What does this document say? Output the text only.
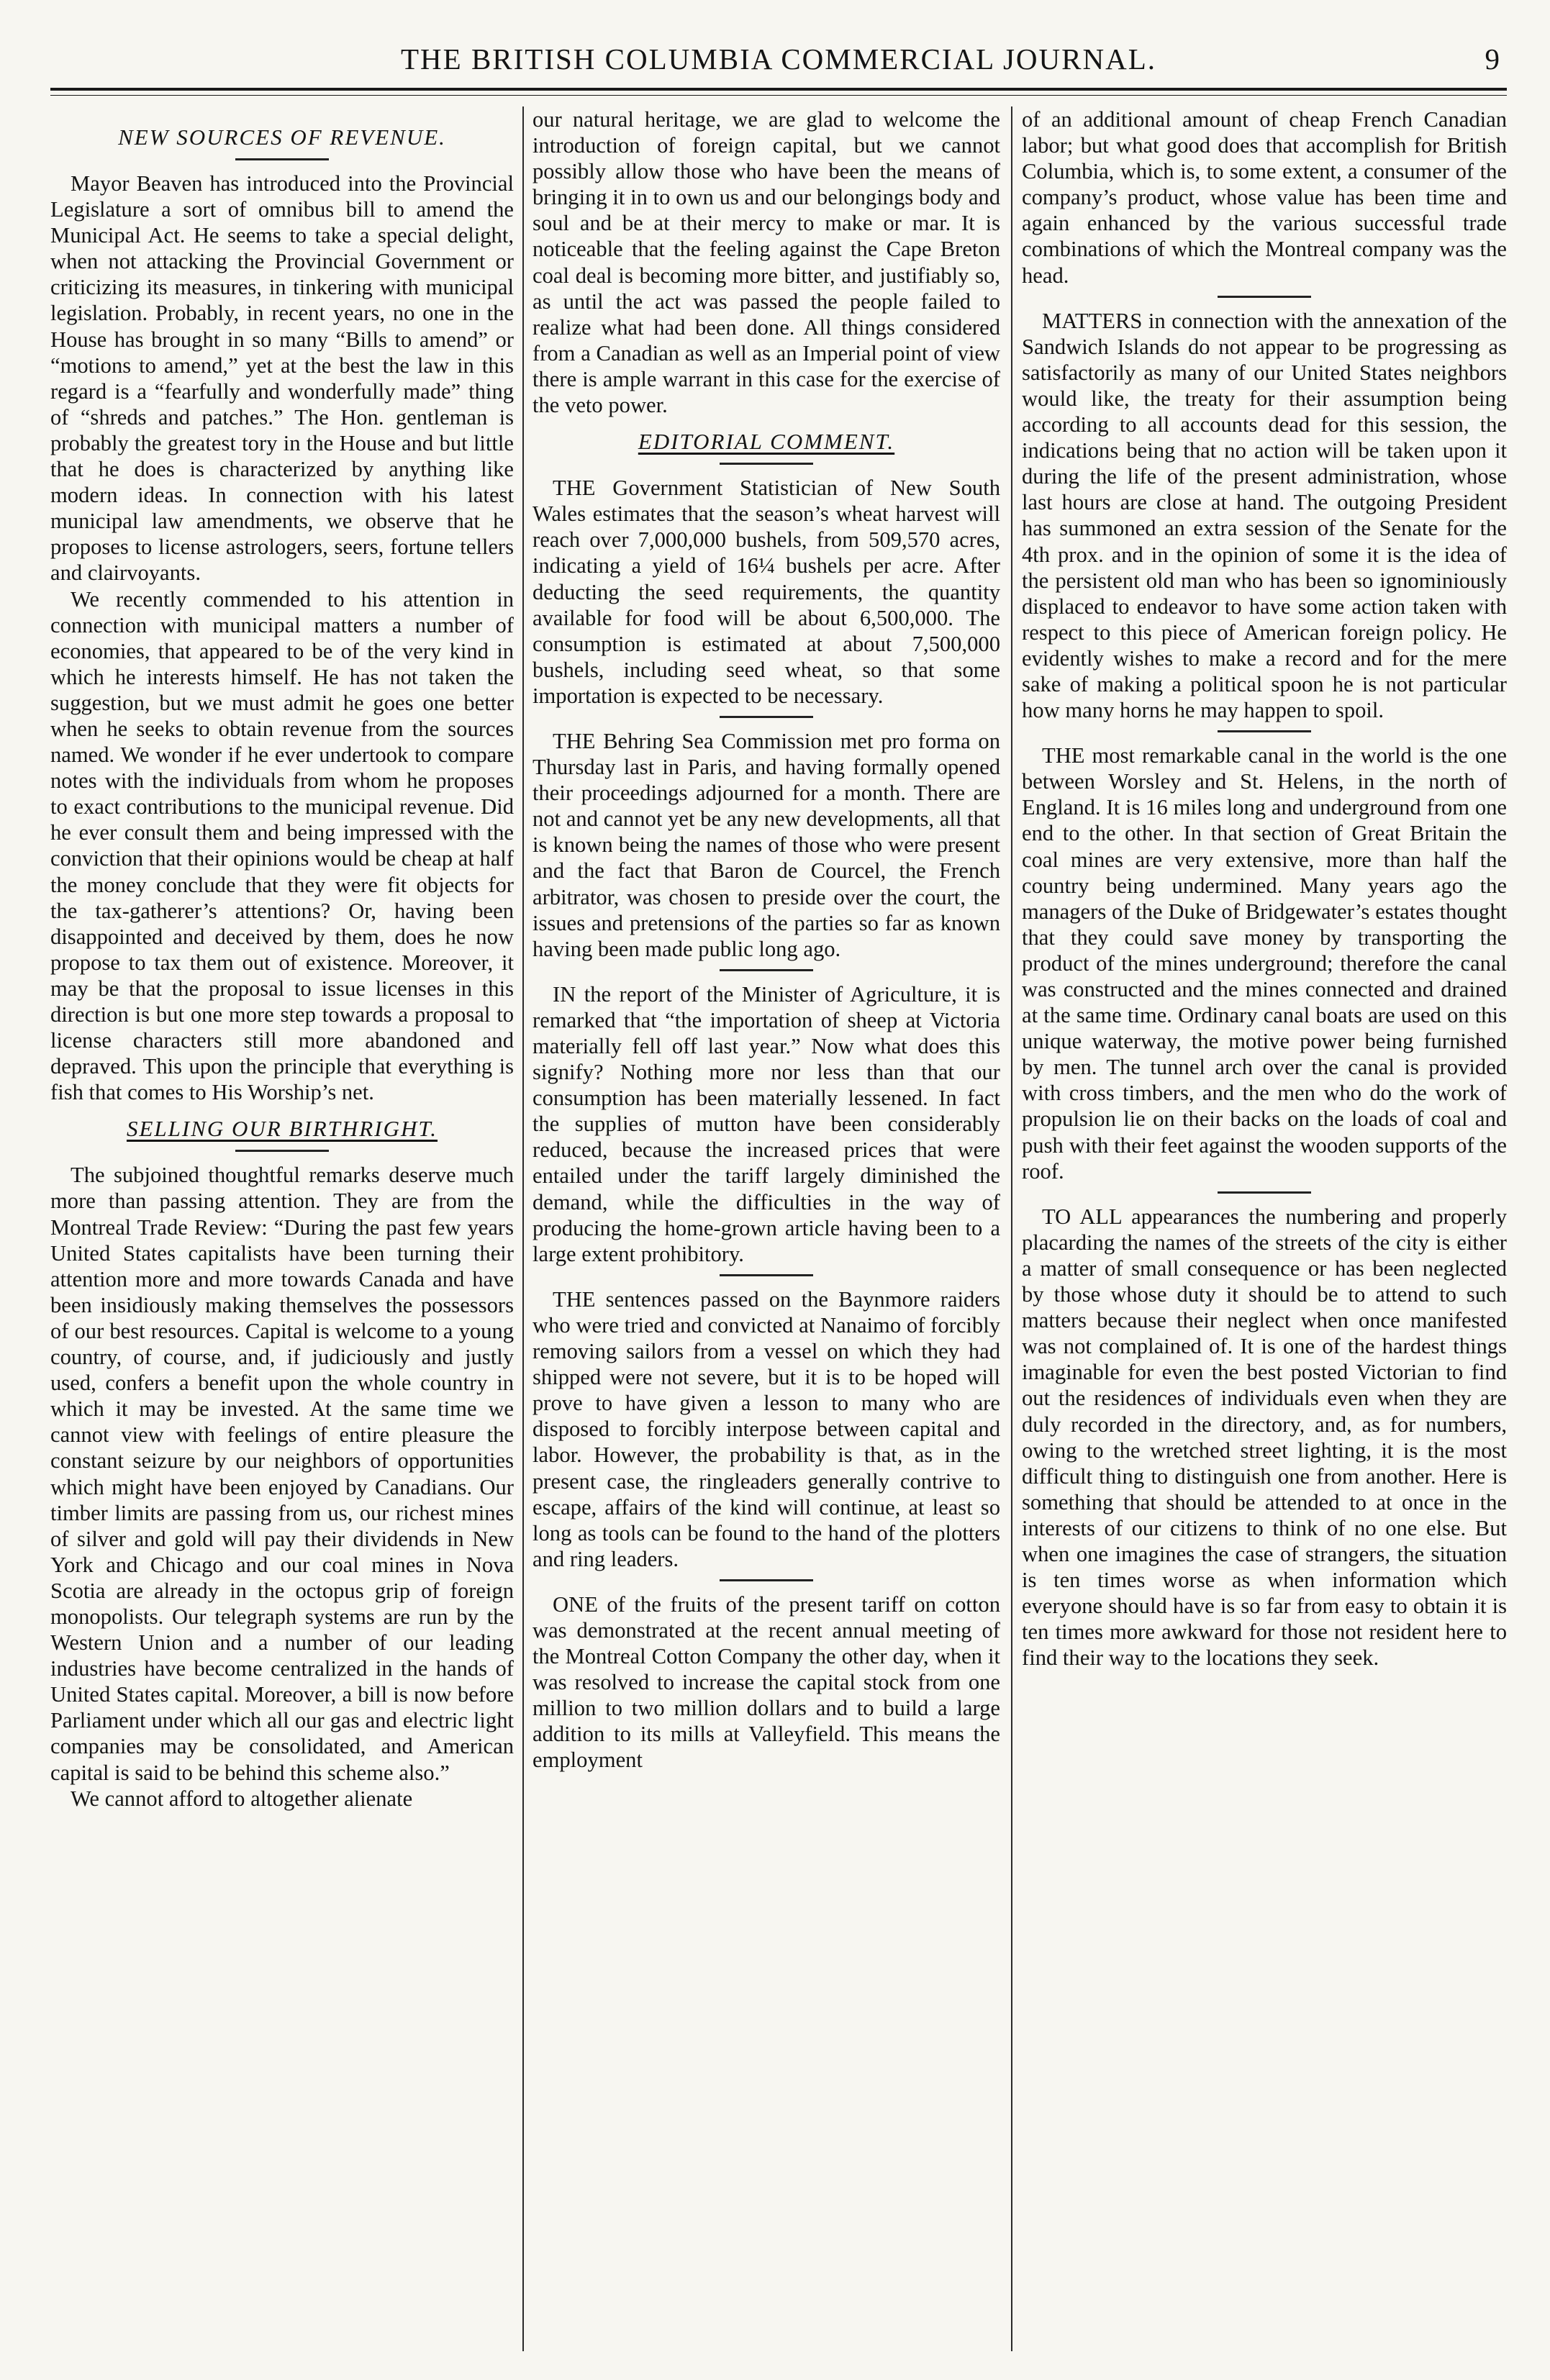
THE BRITISH COLUMBIA COMMERCIAL JOURNAL.	9
NEW SOURCES OF REVENUE.

Mayor Beaven has introduced into the Provincial Legislature a sort of omnibus bill to amend the Municipal Act. He seems to take a special delight, when not attacking the Provincial Government or criticizing its measures, in tinkering with municipal legislation. Probably, in recent years, no one in the House has brought in so many “Bills to amend” or “motions to amend,” yet at the best the law in this regard is a “fearfully and wonderfully made” thing of “shreds and patches.” The Hon. gentleman is probably the greatest tory in the House and but little that he does is characterized by anything like modern ideas. In connection with his latest municipal law amendments, we observe that he proposes to license astrologers, seers, fortune tellers and clairvoyants.

We recently commended to his attention in connection with municipal matters a number of economies, that appeared to be of the very kind in which he interests himself. He has not taken the suggestion, but we must admit he goes one better when he seeks to obtain revenue from the sources named. We wonder if he ever undertook to compare notes with the individuals from whom he proposes to exact contributions to the municipal revenue. Did he ever consult them and being impressed with the conviction that their opinions would be cheap at half the money conclude that they were fit objects for the tax-gatherer’s attentions? Or, having been disappointed and deceived by them, does he now propose to tax them out of existence. Moreover, it may be that the proposal to issue licenses in this direction is but one more step towards a proposal to license characters still more abandoned and depraved. This upon the principle that everything is fish that comes to His Worship’s net.

SELLING OUR BIRTHRIGHT.

The subjoined thoughtful remarks deserve much more than passing attention. They are from the Montreal Trade Review: “During the past few years United States capitalists have been turning their attention more and more towards Canada and have been insidiously making themselves the possessors of our best resources. Capital is welcome to a young country, of course, and, if judiciously and justly used, confers a benefit upon the whole country in which it may be invested. At the same time we cannot view with feelings of entire pleasure the constant seizure by our neighbors of opportunities which might have been enjoyed by Canadians. Our timber limits are passing from us, our richest mines of silver and gold will pay their dividends in New York and Chicago and our coal mines in Nova Scotia are already in the octopus grip of foreign monopolists. Our telegraph systems are run by the Western Union and a number of our leading industries have become centralized in the hands of United States capital. Moreover, a bill is now before Parliament under which all our gas and electric light companies may be consolidated, and American capital is said to be behind this scheme also.”

We cannot afford to altogether alienate

our natural heritage, we are glad to welcome the introduction of foreign capital, but we cannot possibly allow those who have been the means of bringing it in to own us and our belongings body and soul and be at their mercy to make or mar. It is noticeable that the feeling against the Cape Breton coal deal is becoming more bitter, and justifiably so, as until the act was passed the people failed to realize what had been done. All things considered from a Canadian as well as an Imperial point of view there is ample warrant in this case for the exercise of the veto power.

EDITORIAL COMMENT.

THE Government Statistician of New South Wales estimates that the season’s wheat harvest will reach over 7,000,000 bushels, from 509,570 acres, indicating a yield of 16¼ bushels per acre. After deducting the seed requirements, the quantity available for food will be about 6,500,000. The consumption is estimated at about 7,500,000 bushels, including seed wheat, so that some importation is expected to be necessary.

THE Behring Sea Commission met pro forma on Thursday last in Paris, and having formally opened their proceedings adjourned for a month. There are not and cannot yet be any new developments, all that is known being the names of those who were present and the fact that Baron de Courcel, the French arbitrator, was chosen to preside over the court, the issues and pretensions of the parties so far as known having been made public long ago.

IN the report of the Minister of Agriculture, it is remarked that “the importation of sheep at Victoria materially fell off last year.” Now what does this signify? Nothing more nor less than that our consumption has been materially lessened. In fact the supplies of mutton have been considerably reduced, because the increased prices that were entailed under the tariff largely diminished the demand, while the difficulties in the way of producing the home-grown article having been to a large extent prohibitory.

THE sentences passed on the Baynmore raiders who were tried and convicted at Nanaimo of forcibly removing sailors from a vessel on which they had shipped were not severe, but it is to be hoped will prove to have given a lesson to many who are disposed to forcibly interpose between capital and labor. However, the probability is that, as in the present case, the ringleaders generally contrive to escape, affairs of the kind will continue, at least so long as tools can be found to the hand of the plotters and ring leaders.

ONE of the fruits of the present tariff on cotton was demonstrated at the recent annual meeting of the Montreal Cotton Company the other day, when it was resolved to increase the capital stock from one million to two million dollars and to build a large addition to its mills at Valleyfield. This means the employment

of an additional amount of cheap French Canadian labor; but what good does that accomplish for British Columbia, which is, to some extent, a consumer of the company’s product, whose value has been time and again enhanced by the various successful trade combinations of which the Montreal company was the head.

MATTERS in connection with the annexation of the Sandwich Islands do not appear to be progressing as satisfactorily as many of our United States neighbors would like, the treaty for their assumption being according to all accounts dead for this session, the indications being that no action will be taken upon it during the life of the present administration, whose last hours are close at hand. The outgoing President has summoned an extra session of the Senate for the 4th prox. and in the opinion of some it is the idea of the persistent old man who has been so ignominiously displaced to endeavor to have some action taken with respect to this piece of American foreign policy. He evidently wishes to make a record and for the mere sake of making a political spoon he is not particular how many horns he may happen to spoil.

THE most remarkable canal in the world is the one between Worsley and St. Helens, in the north of England. It is 16 miles long and underground from one end to the other. In that section of Great Britain the coal mines are very extensive, more than half the country being undermined. Many years ago the managers of the Duke of Bridgewater’s estates thought that they could save money by transporting the product of the mines underground; therefore the canal was constructed and the mines connected and drained at the same time. Ordinary canal boats are used on this unique waterway, the motive power being furnished by men. The tunnel arch over the canal is provided with cross timbers, and the men who do the work of propulsion lie on their backs on the loads of coal and push with their feet against the wooden supports of the roof.

TO ALL appearances the numbering and properly placarding the names of the streets of the city is either a matter of small consequence or has been neglected by those whose duty it should be to attend to such matters because their neglect when once manifested was not complained of. It is one of the hardest things imaginable for even the best posted Victorian to find out the residences of individuals even when they are duly recorded in the directory, and, as for numbers, owing to the wretched street lighting, it is the most difficult thing to distinguish one from another. Here is something that should be attended to at once in the interests of our citizens to think of no one else. But when one imagines the case of strangers, the situation is ten times worse as when information which everyone should have is so far from easy to obtain it is ten times more awkward for those not resident here to find their way to the locations they seek.
